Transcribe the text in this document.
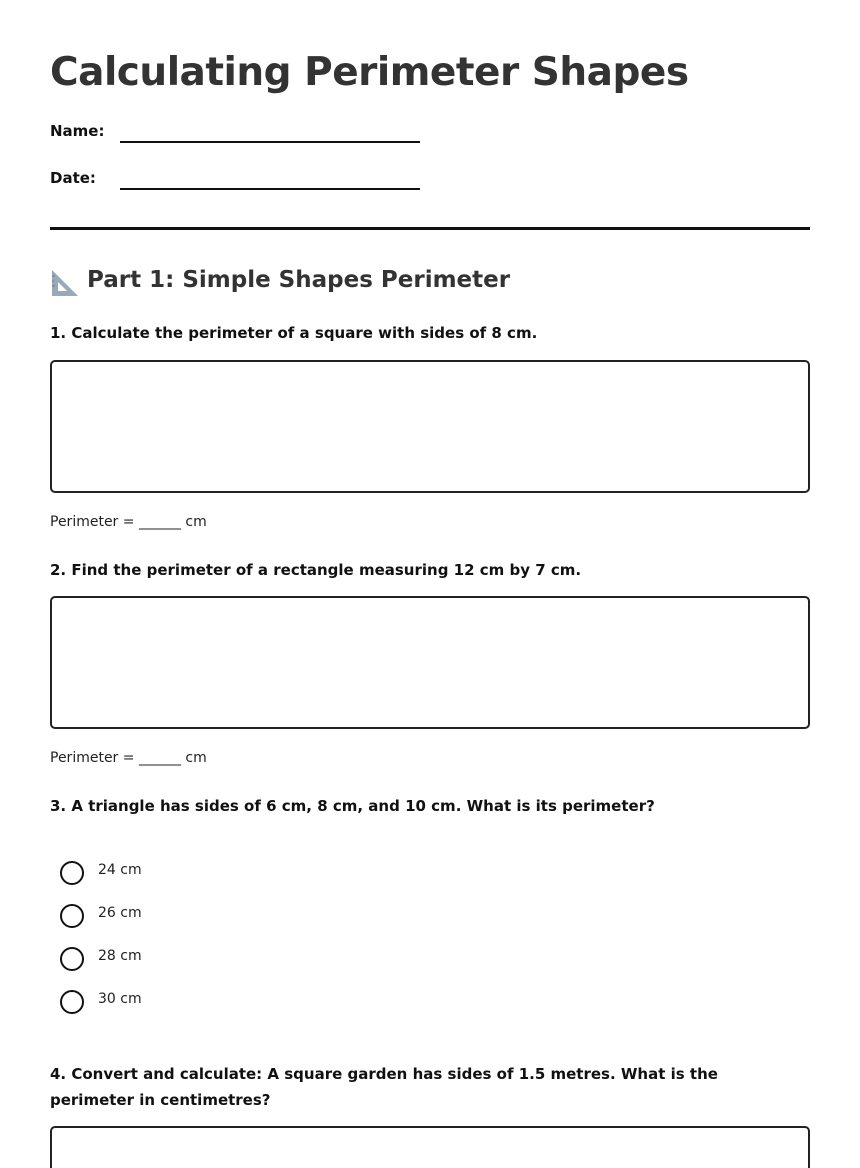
Calculating Perimeter Shapes
Name:
Date:
Part 1: Simple Shapes Perimeter
1. Calculate the perimeter of a square with sides of 8 cm.
Perimeter = ______ cm
2. Find the perimeter of a rectangle measuring 12 cm by 7 cm.
Perimeter = ______ cm
3. A triangle has sides of 6 cm, 8 cm, and 10 cm. What is its perimeter?
24 cm
26 cm
28 cm
30 cm
4. Convert and calculate: A square garden has sides of 1.5 metres. What is the perimeter in centimetres?
